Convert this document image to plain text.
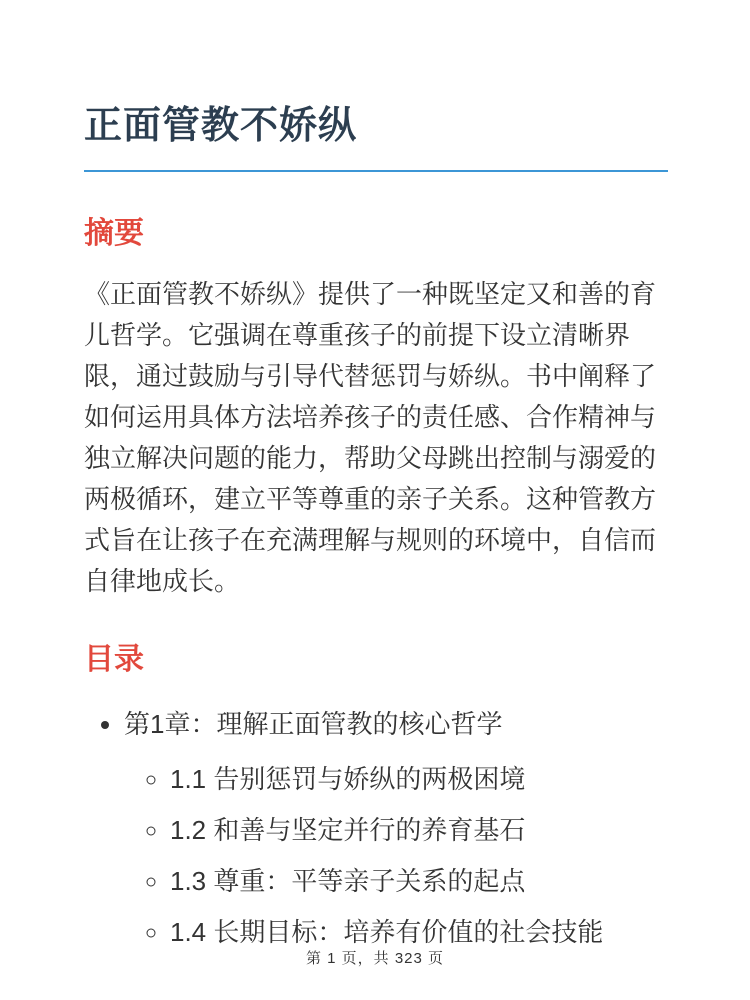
正面管教不娇纵
摘要

《正面管教不娇纵》提供了一种既坚定又和善的育儿哲学。它强调在尊重孩子的前提下设立清晰界限，通过鼓励与引导代替惩罚与娇纵。书中阐释了如何运用具体方法培养孩子的责任感、合作精神与独立解决问题的能力，帮助父母跳出控制与溺爱的两极循环，建立平等尊重的亲子关系。这种管教方式旨在让孩子在充满理解与规则的环境中，自信而自律地成长。

目录
• 第1章：理解正面管教的核心哲学
◦ 1.1 告别惩罚与娇纵的两极困境
◦ 1.2 和善与坚定并行的养育基石
◦ 1.3 尊重：平等亲子关系的起点
◦ 1.4 长期目标：培养有价值的社会技能
第 1 页，共 323 页
